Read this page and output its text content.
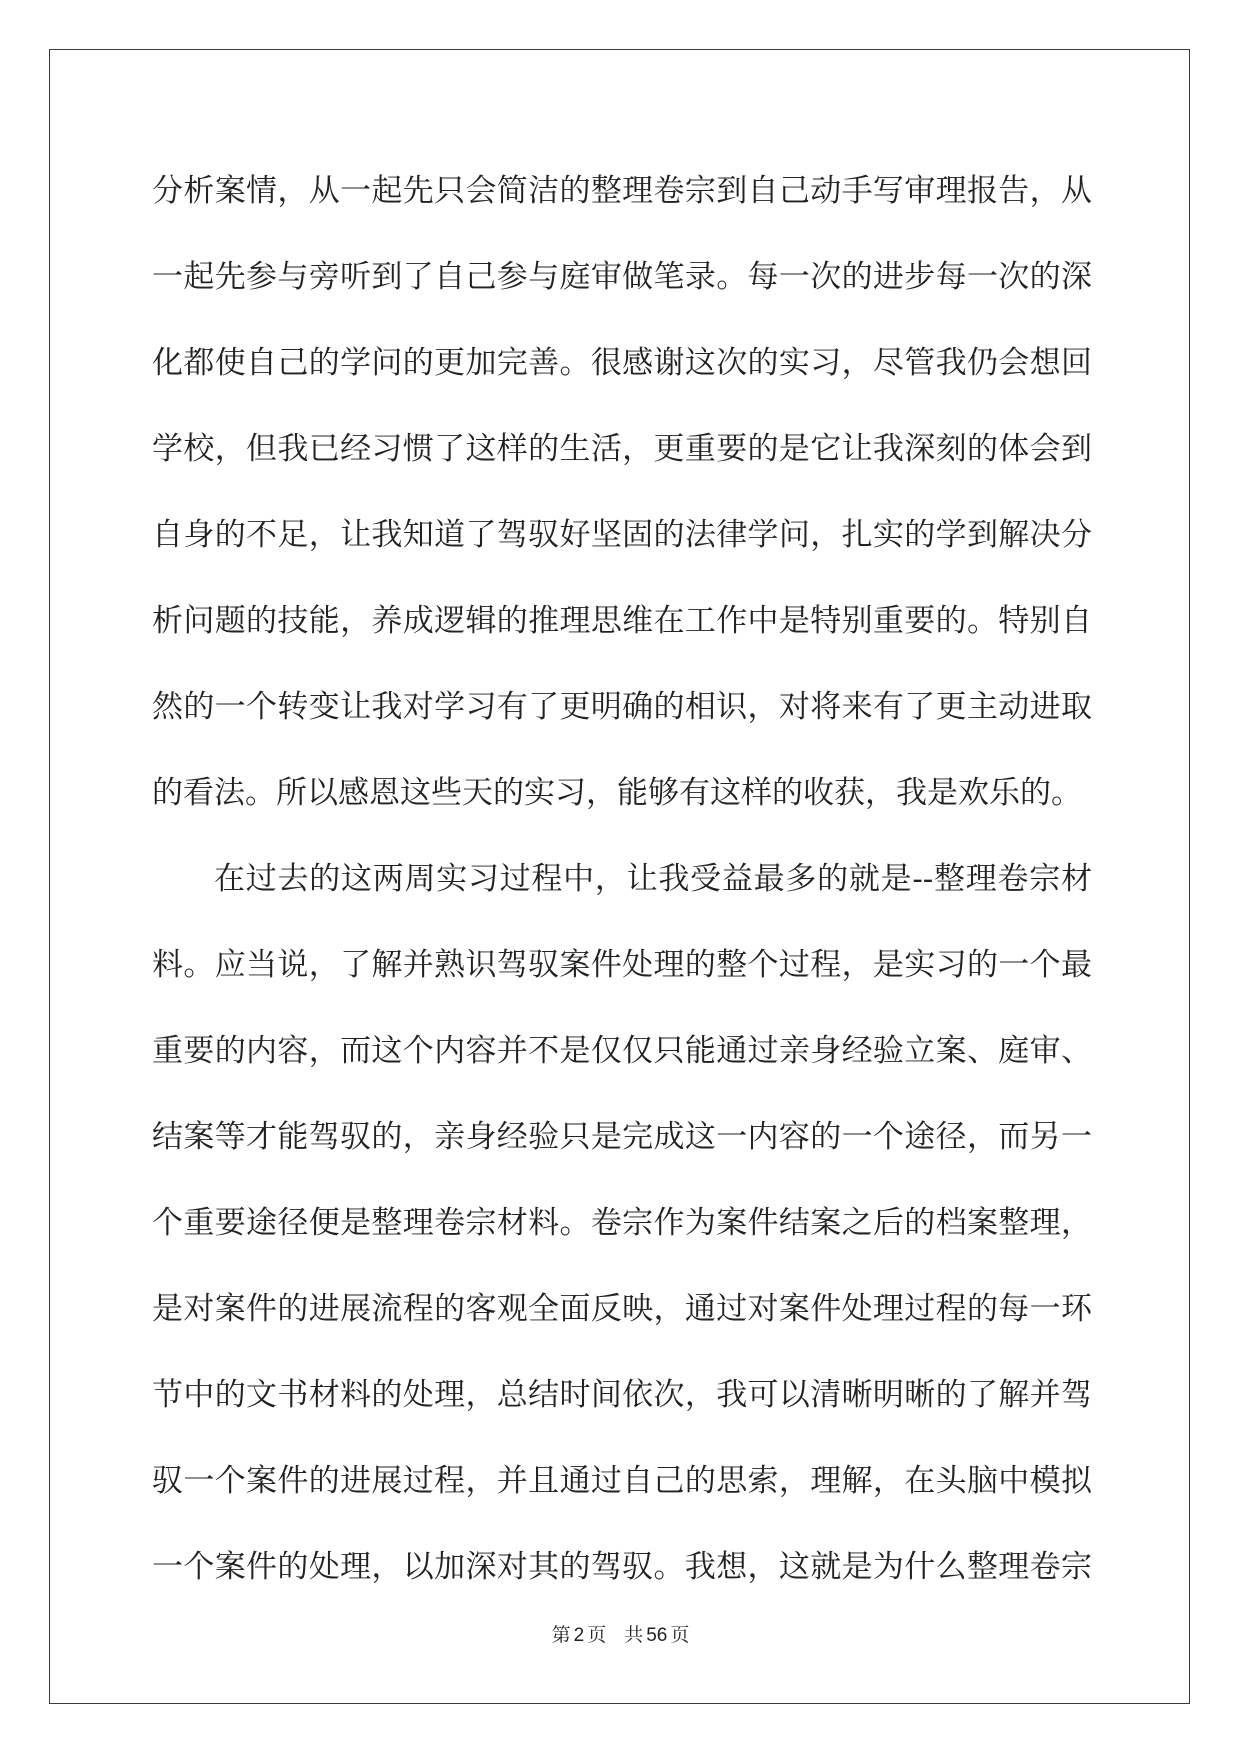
分析案情，从一起先只会简洁的整理卷宗到自己动手写审理报告，从
一起先参与旁听到了自己参与庭审做笔录。每一次的进步每一次的深
化都使自己的学问的更加完善。很感谢这次的实习，尽管我仍会想回
学校，但我已经习惯了这样的生活，更重要的是它让我深刻的体会到
自身的不足，让我知道了驾驭好坚固的法律学问，扎实的学到解决分
析问题的技能，养成逻辑的推理思维在工作中是特别重要的。特别自
然的一个转变让我对学习有了更明确的相识，对将来有了更主动进取
的看法。所以感恩这些天的实习，能够有这样的收获，我是欢乐的。
在过去的这两周实习过程中，让我受益最多的就是--整理卷宗材
料。应当说，了解并熟识驾驭案件处理的整个过程，是实习的一个最
重要的内容，而这个内容并不是仅仅只能通过亲身经验立案、庭审、
结案等才能驾驭的，亲身经验只是完成这一内容的一个途径，而另一
个重要途径便是整理卷宗材料。卷宗作为案件结案之后的档案整理，
是对案件的进展流程的客观全面反映，通过对案件处理过程的每一环
节中的文书材料的处理，总结时间依次，我可以清晰明晰的了解并驾
驭一个案件的进展过程，并且通过自己的思索，理解，在头脑中模拟
一个案件的处理，以加深对其的驾驭。我想，这就是为什么整理卷宗
第 2 页 共 56 页
